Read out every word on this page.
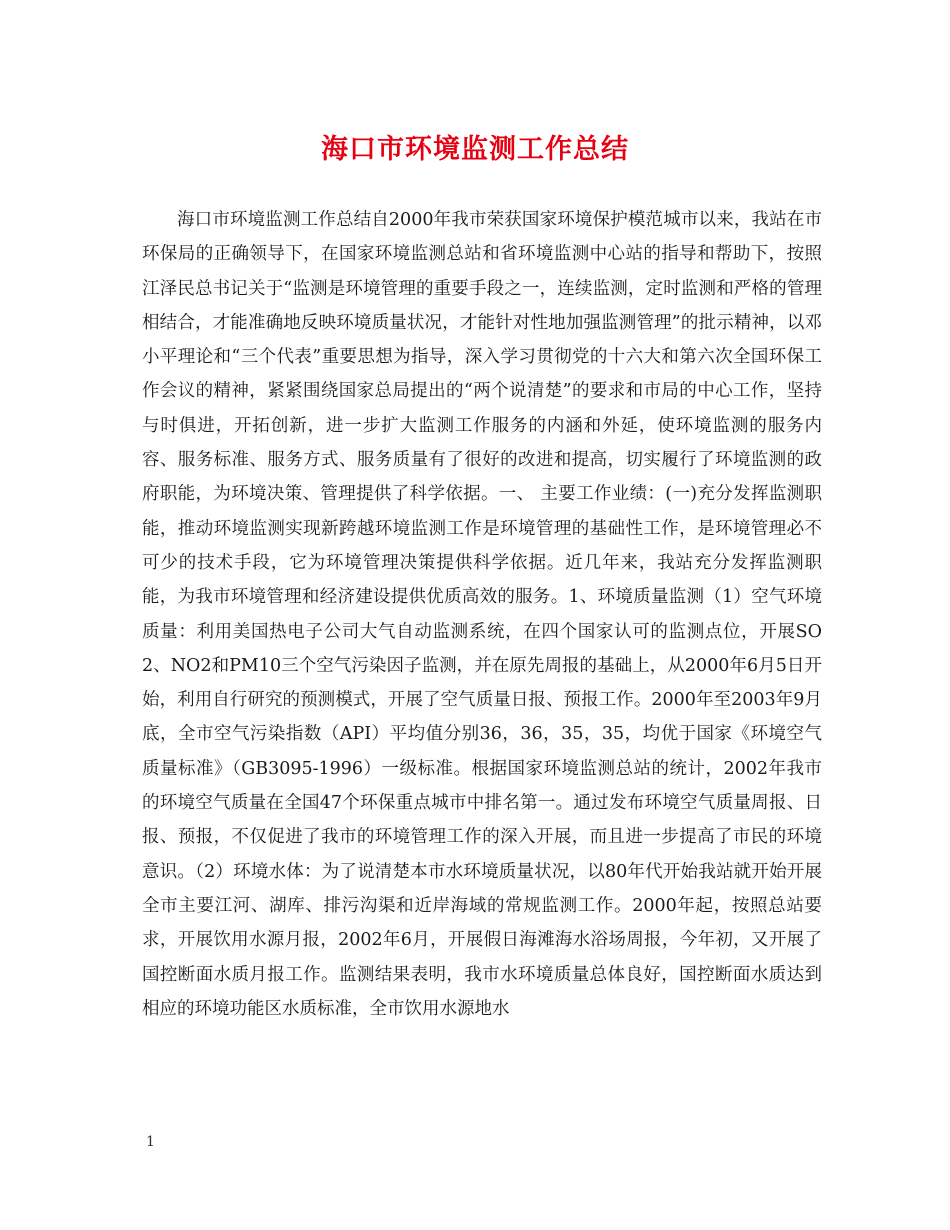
海口市环境监测工作总结

海口市环境监测工作总结自2000年我市荣获国家环境保护模范城市以来，我站在市环保局的正确领导下，在国家环境监测总站和省环境监测中心站的指导和帮助下，按照江泽民总书记关于“监测是环境管理的重要手段之一，连续监测，定时监测和严格的管理相结合，才能准确地反映环境质量状况，才能针对性地加强监测管理”的批示精神，以邓小平理论和“三个代表”重要思想为指导，深入学习贯彻党的十六大和第六次全国环保工作会议的精神，紧紧围绕国家总局提出的“两个说清楚”的要求和市局的中心工作，坚持与时俱进，开拓创新，进一步扩大监测工作服务的内涵和外延，使环境监测的服务内容、服务标准、服务方式、服务质量有了很好的改进和提高，切实履行了环境监测的政府职能，为环境决策、管理提供了科学依据。一、 主要工作业绩：(一)充分发挥监测职能，推动环境监测实现新跨越环境监测工作是环境管理的基础性工作，是环境管理必不可少的技术手段，它为环境管理决策提供科学依据。近几年来，我站充分发挥监测职能，为我市环境管理和经济建设提供优质高效的服务。1、环境质量监测（1）空气环境质量：利用美国热电子公司大气自动监测系统，在四个国家认可的监测点位，开展SO2、NO2和PM10三个空气污染因子监测，并在原先周报的基础上，从2000年6月5日开始，利用自行研究的预测模式，开展了空气质量日报、预报工作。2000年至2003年9月底，全市空气污染指数（API）平均值分别36，36，35，35，均优于国家《环境空气质量标准》（GB3095-1996）一级标准。根据国家环境监测总站的统计，2002年我市的环境空气质量在全国47个环保重点城市中排名第一。通过发布环境空气质量周报、日报、预报，不仅促进了我市的环境管理工作的深入开展，而且进一步提高了市民的环境意识。（2）环境水体：为了说清楚本市水环境质量状况，以80年代开始我站就开始开展全市主要江河、湖库、排污沟渠和近岸海域的常规监测工作。2000年起，按照总站要求，开展饮用水源月报，2002年6月，开展假日海滩海水浴场周报，今年初，又开展了国控断面水质月报工作。监测结果表明，我市水环境质量总体良好，国控断面水质达到相应的环境功能区水质标准，全市饮用水源地水

1
